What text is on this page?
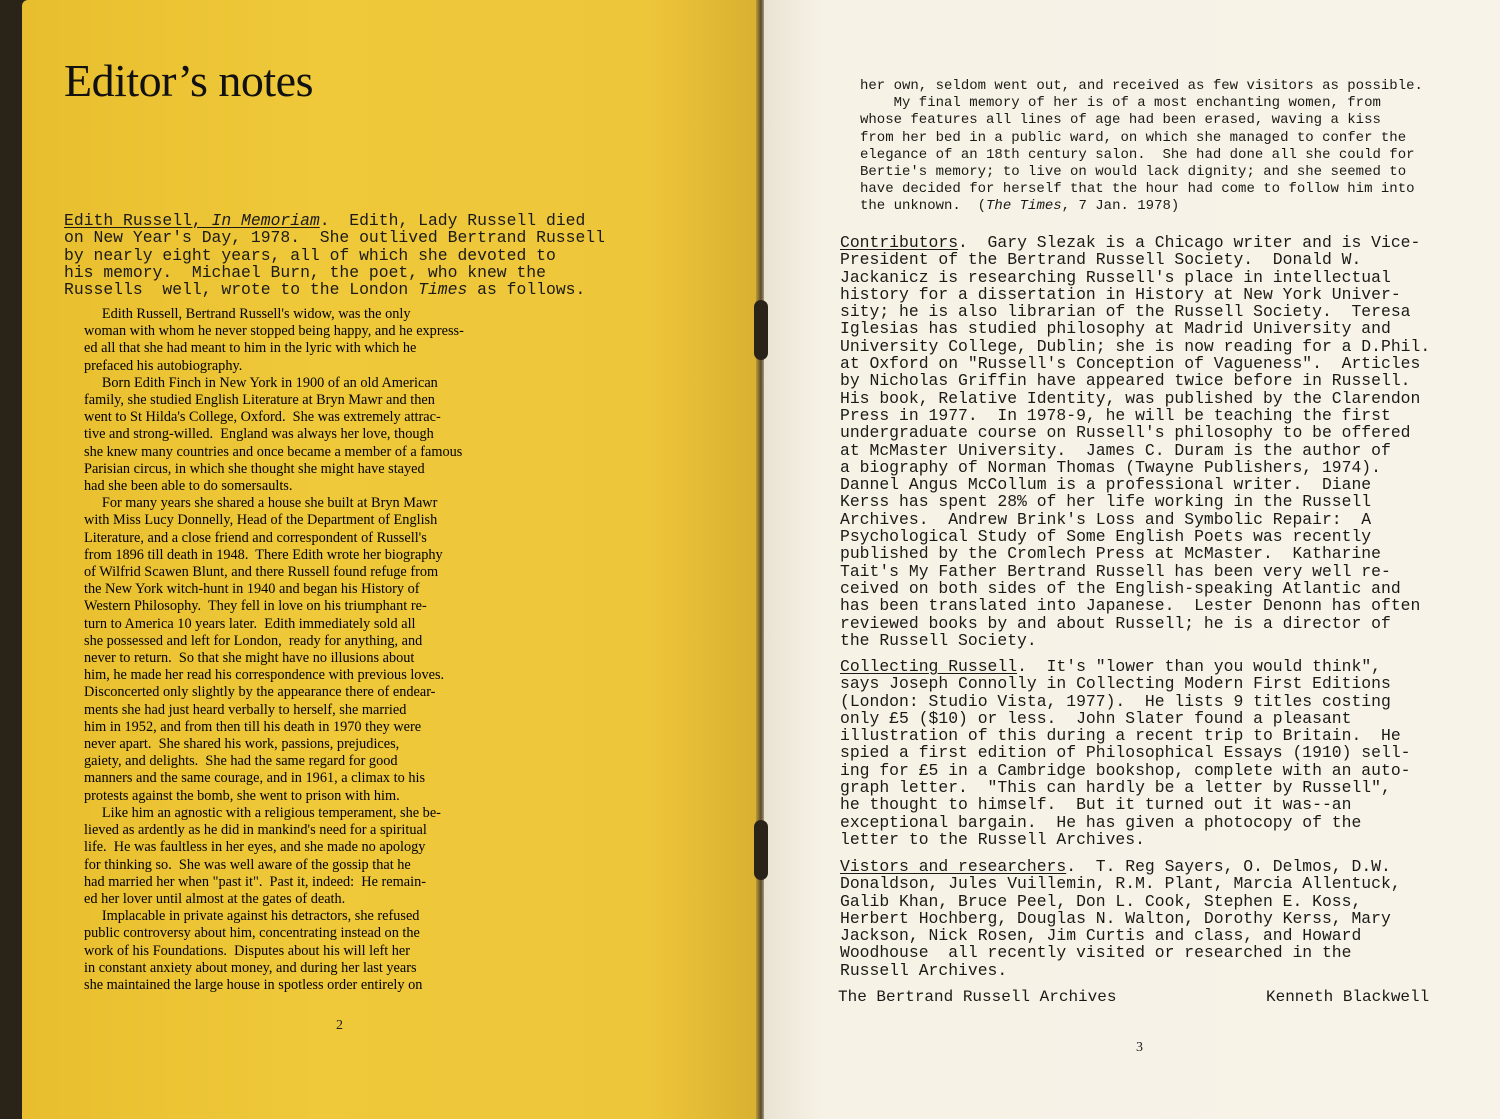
Editor’s notes
Edith Russell, In Memoriam.  Edith, Lady Russell died
on New Year's Day, 1978.  She outlived Bertrand Russell
by nearly eight years, all of which she devoted to
his memory.  Michael Burn, the poet, who knew the
Russells  well, wrote to the London Times as follows.
Edith Russell, Bertrand Russell's widow, was the only
woman with whom he never stopped being happy, and he express-
ed all that she had meant to him in the lyric with which he
prefaced his autobiography.
Born Edith Finch in New York in 1900 of an old American
family, she studied English Literature at Bryn Mawr and then
went to St Hilda's College, Oxford.  She was extremely attrac-
tive and strong-willed.  England was always her love, though
she knew many countries and once became a member of a famous
Parisian circus, in which she thought she might have stayed
had she been able to do somersaults.
For many years she shared a house she built at Bryn Mawr
with Miss Lucy Donnelly, Head of the Department of English
Literature, and a close friend and correspondent of Russell's
from 1896 till death in 1948.  There Edith wrote her biography
of Wilfrid Scawen Blunt, and there Russell found refuge from
the New York witch-hunt in 1940 and began his History of
Western Philosophy.  They fell in love on his triumphant re-
turn to America 10 years later.  Edith immediately sold all
she possessed and left for London,  ready for anything, and
never to return.  So that she might have no illusions about
him, he made her read his correspondence with previous loves.
Disconcerted only slightly by the appearance there of endear-
ments she had just heard verbally to herself, she married
him in 1952, and from then till his death in 1970 they were
never apart.  She shared his work, passions, prejudices,
gaiety, and delights.  She had the same regard for good
manners and the same courage, and in 1961, a climax to his
protests against the bomb, she went to prison with him.
Like him an agnostic with a religious temperament, she be-
lieved as ardently as he did in mankind's need for a spiritual
life.  He was faultless in her eyes, and she made no apology
for thinking so.  She was well aware of the gossip that he
had married her when "past it".  Past it, indeed:  He remain-
ed her lover until almost at the gates of death.
Implacable in private against his detractors, she refused
public controversy about him, concentrating instead on the
work of his Foundations.  Disputes about his will left her
in constant anxiety about money, and during her last years
she maintained the large house in spotless order entirely on
2
her own, seldom went out, and received as few visitors as possible.
My final memory of her is of a most enchanting women, from
whose features all lines of age had been erased, waving a kiss
from her bed in a public ward, on which she managed to confer the
elegance of an 18th century salon.  She had done all she could for
Bertie's memory; to live on would lack dignity; and she seemed to
have decided for herself that the hour had come to follow him into
the unknown.  (The Times, 7 Jan. 1978)
Contributors.  Gary Slezak is a Chicago writer and is Vice-
President of the Bertrand Russell Society.  Donald W.
Jackanicz is researching Russell's place in intellectual
history for a dissertation in History at New York Univer-
sity; he is also librarian of the Russell Society.  Teresa
Iglesias has studied philosophy at Madrid University and
University College, Dublin; she is now reading for a D.Phil.
at Oxford on "Russell's Conception of Vagueness".  Articles
by Nicholas Griffin have appeared twice before in Russell.
His book, Relative Identity, was published by the Clarendon
Press in 1977.  In 1978-9, he will be teaching the first
undergraduate course on Russell's philosophy to be offered
at McMaster University.  James C. Duram is the author of
a biography of Norman Thomas (Twayne Publishers, 1974).
Dannel Angus McCollum is a professional writer.  Diane
Kerss has spent 28% of her life working in the Russell
Archives.  Andrew Brink's Loss and Symbolic Repair:  A
Psychological Study of Some English Poets was recently
published by the Cromlech Press at McMaster.  Katharine
Tait's My Father Bertrand Russell has been very well re-
ceived on both sides of the English-speaking Atlantic and
has been translated into Japanese.  Lester Denonn has often
reviewed books by and about Russell; he is a director of
the Russell Society.
Collecting Russell.  It's "lower than you would think",
says Joseph Connolly in Collecting Modern First Editions
(London: Studio Vista, 1977).  He lists 9 titles costing
only £5 ($10) or less.  John Slater found a pleasant
illustration of this during a recent trip to Britain.  He
spied a first edition of Philosophical Essays (1910) sell-
ing for £5 in a Cambridge bookshop, complete with an auto-
graph letter.  "This can hardly be a letter by Russell",
he thought to himself.  But it turned out it was--an
exceptional bargain.  He has given a photocopy of the
letter to the Russell Archives.
Vistors and researchers.  T. Reg Sayers, O. Delmos, D.W.
Donaldson, Jules Vuillemin, R.M. Plant, Marcia Allentuck,
Galib Khan, Bruce Peel, Don L. Cook, Stephen E. Koss,
Herbert Hochberg, Douglas N. Walton, Dorothy Kerss, Mary
Jackson, Nick Rosen, Jim Curtis and class, and Howard
Woodhouse  all recently visited or researched in the
Russell Archives.
The Bertrand Russell Archives	Kenneth Blackwell
3
